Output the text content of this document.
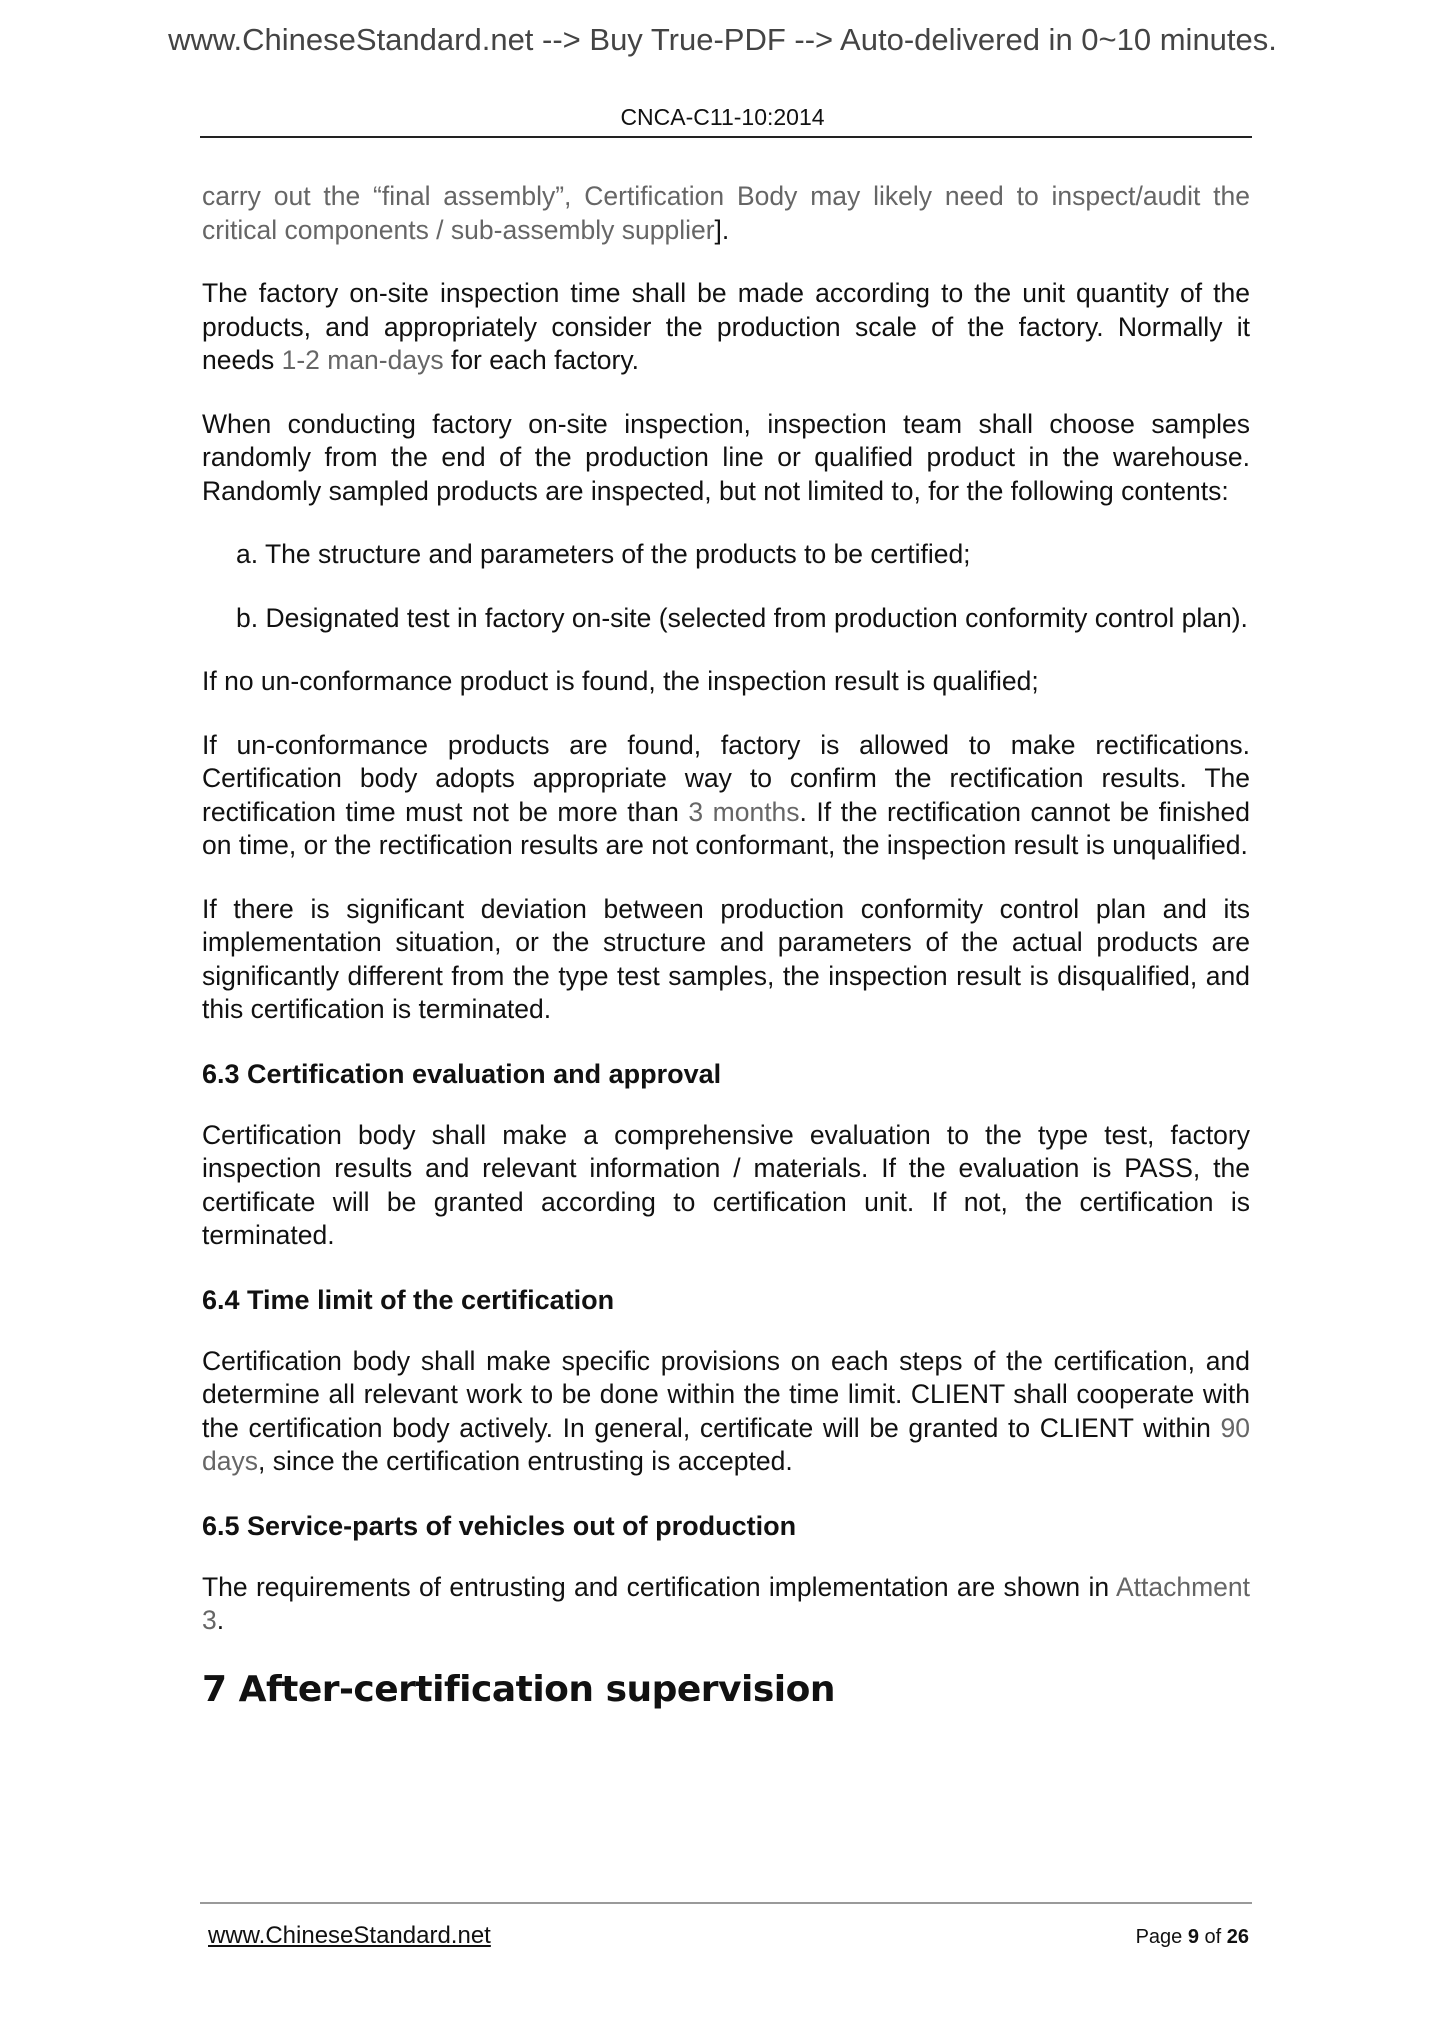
www.ChineseStandard.net --> Buy True-PDF --> Auto-delivered in 0~10 minutes.
CNCA-C11-10:2014

carry out the “final assembly”, Certification Body may likely need to inspect/audit the critical components / sub-assembly supplier].

The factory on-site inspection time shall be made according to the unit quantity of the products, and appropriately consider the production scale of the factory. Normally it needs 1-2 man-days for each factory.

When conducting factory on-site inspection, inspection team shall choose samples randomly from the end of the production line or qualified product in the warehouse. Randomly sampled products are inspected, but not limited to, for the following contents:

a. The structure and parameters of the products to be certified;

b. Designated test in factory on-site (selected from production conformity control plan).

If no un-conformance product is found, the inspection result is qualified;

If un-conformance products are found, factory is allowed to make rectifications. Certification body adopts appropriate way to confirm the rectification results. The rectification time must not be more than 3 months. If the rectification cannot be finished on time, or the rectification results are not conformant, the inspection result is unqualified.

If there is significant deviation between production conformity control plan and its implementation situation, or the structure and parameters of the actual products are significantly different from the type test samples, the inspection result is disqualified, and this certification is terminated.

6.3 Certification evaluation and approval

Certification body shall make a comprehensive evaluation to the type test, factory inspection results and relevant information / materials. If the evaluation is PASS, the certificate will be granted according to certification unit. If not, the certification is terminated.

6.4 Time limit of the certification

Certification body shall make specific provisions on each steps of the certification, and determine all relevant work to be done within the time limit. CLIENT shall cooperate with the certification body actively. In general, certificate will be granted to CLIENT within 90 days, since the certification entrusting is accepted.

6.5 Service-parts of vehicles out of production

The requirements of entrusting and certification implementation are shown in Attachment 3.

7 After-certification supervision
www.ChineseStandard.net	Page 9 of 26
